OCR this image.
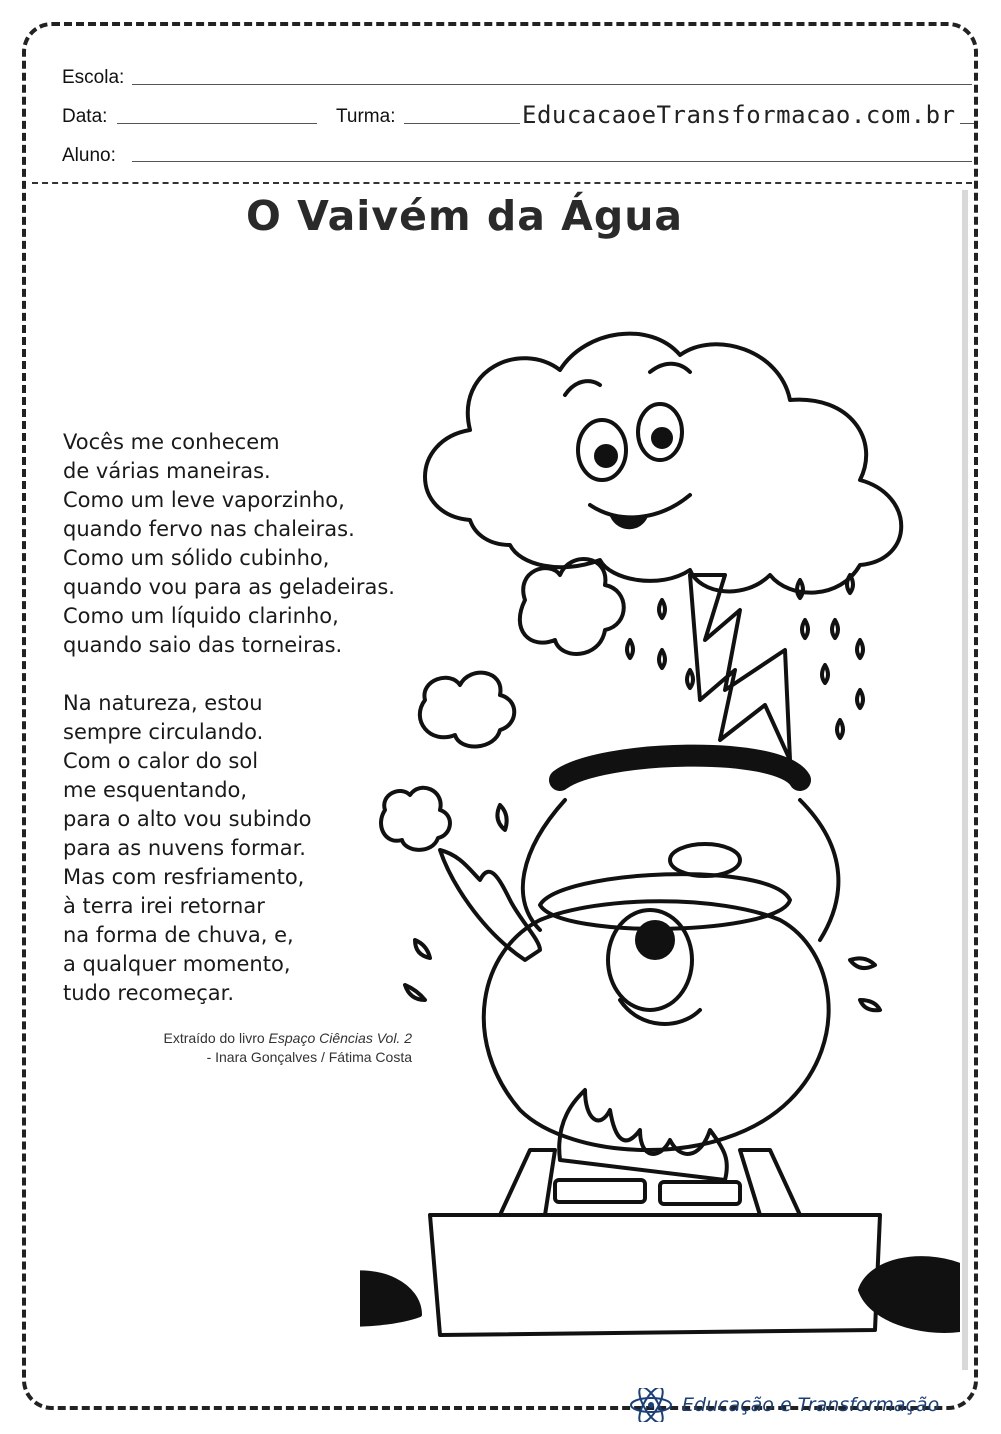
Escola:
Data:	Turma:	EducacaoeTransformacao.com.br
Aluno:
O Vaivém da Água
Vocês me conhecem
de várias maneiras.
Como um leve vaporzinho,
quando fervo nas chaleiras.
Como um sólido cubinho,
quando vou para as geladeiras.
Como um líquido clarinho,
quando saio das torneiras.
Na natureza, estou
sempre circulando.
Com o calor do sol
me esquentando,
para o alto vou subindo
para as nuvens formar.
Mas com resfriamento,
à terra irei retornar
na forma de chuva, e,
a qualquer momento,
tudo recomeçar.
Extraído do livro Espaço Ciências Vol. 2
- Inara Gonçalves / Fátima Costa
Educação e Transformação
